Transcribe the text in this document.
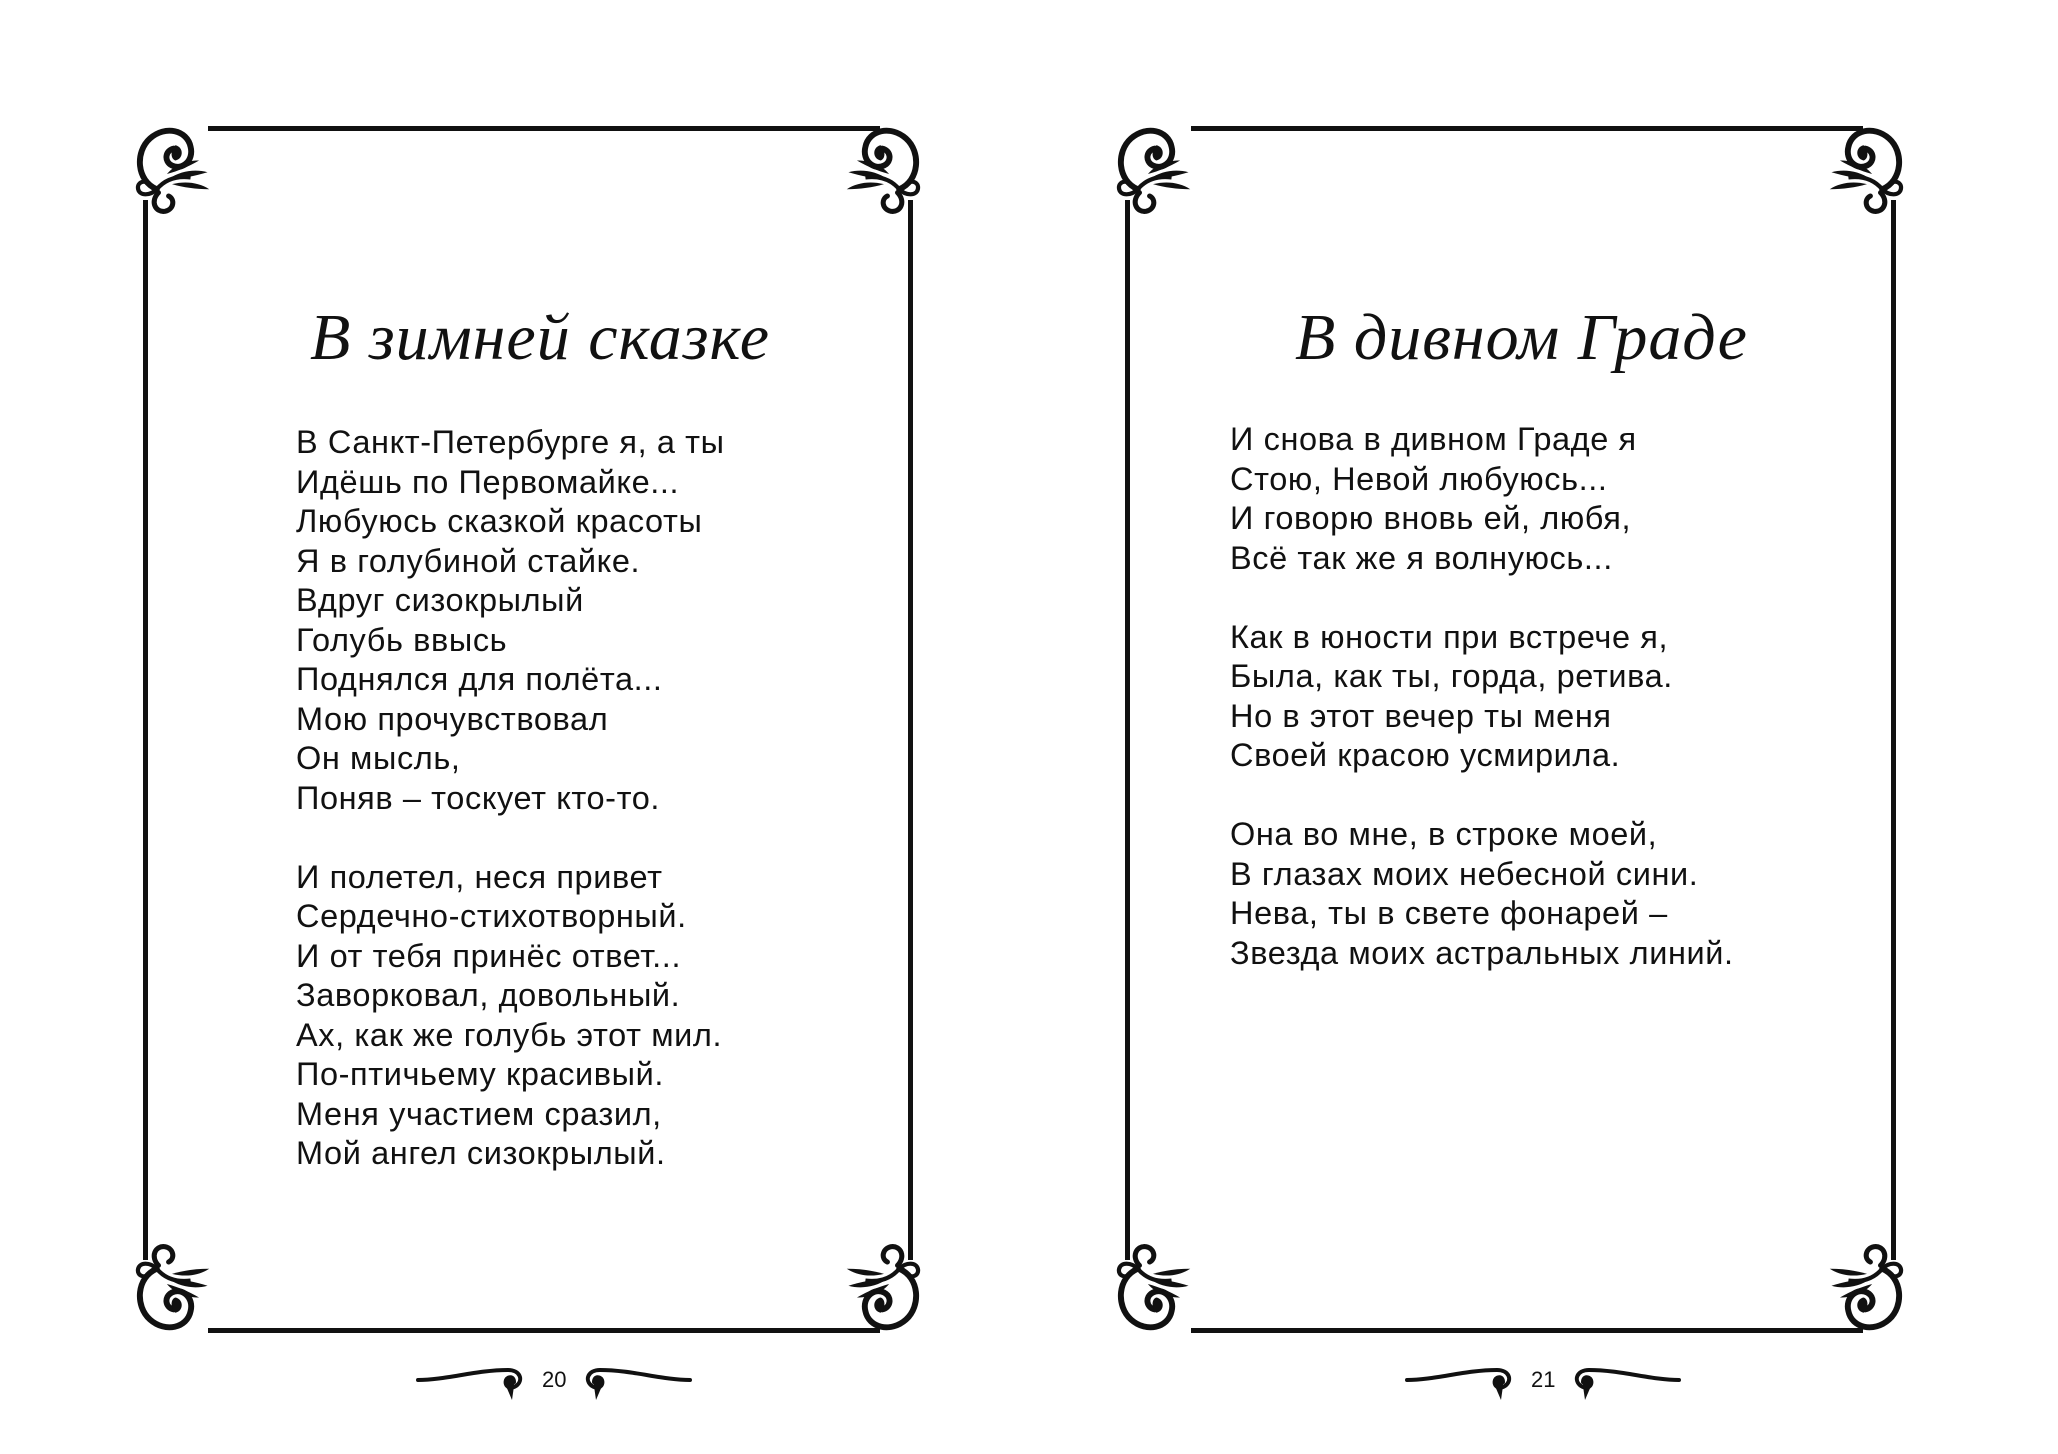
В зимней сказке
В Санкт-Петербурге я, а ты
Идёшь по Первомайке...
Любуюсь сказкой красоты
Я в голубиной стайке.
Вдруг сизокрылый
Голубь ввысь
Поднялся для полёта...
Мою прочувствовал
Он мысль,
Поняв – тоскует кто-то.
И полетел, неся привет
Сердечно-стихотворный.
И от тебя принёс ответ...
Заворковал, довольный.
Ах, как же голубь этот мил.
По-птичьему красивый.
Меня участием сразил,
Мой ангел сизокрылый.
20
В дивном Граде
И снова в дивном Граде я
Стою, Невой любуюсь...
И говорю вновь ей, любя,
Всё так же я волнуюсь...
Как в юности при встрече я,
Была, как ты, горда, ретива.
Но в этот вечер ты меня
Своей красою усмирила.
Она во мне, в строке моей,
В глазах моих небесной сини.
Нева, ты в свете фонарей –
Звезда моих астральных линий.
21
